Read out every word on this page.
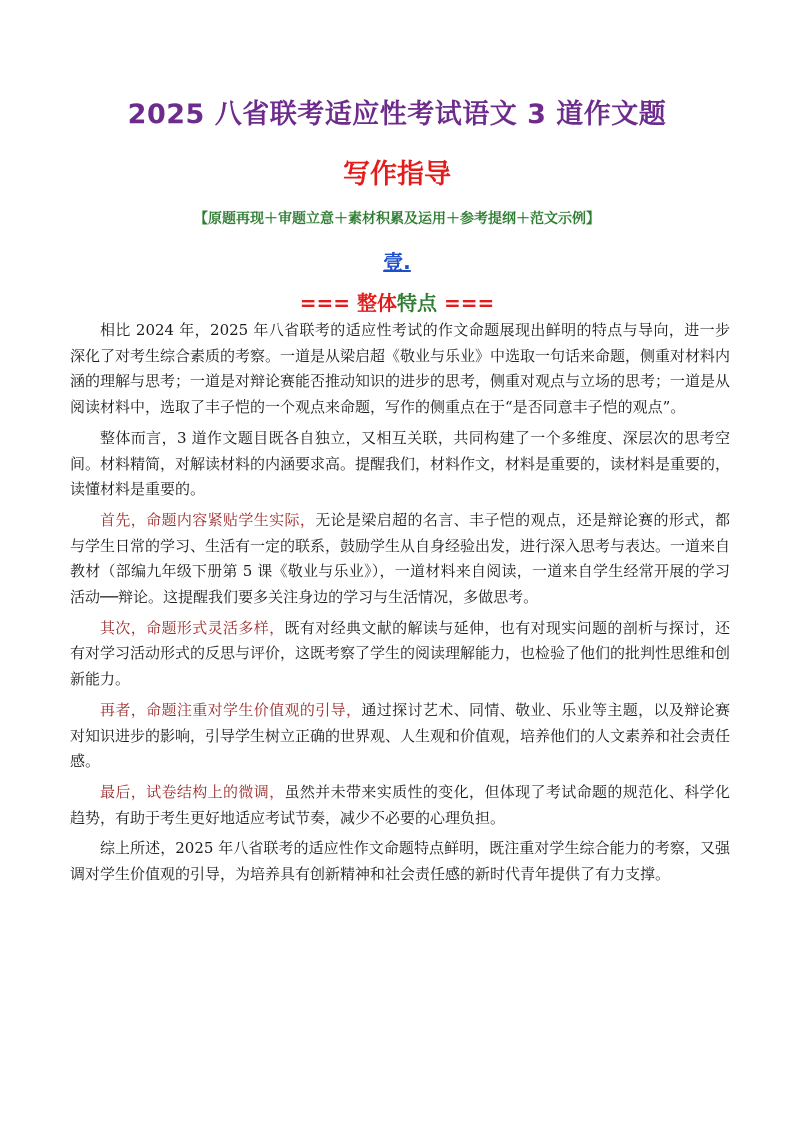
2025 八省联考适应性考试语文 3 道作文题
写作指导
【原题再现＋审题立意＋素材积累及运用＋参考提纲＋范文示例】
壹.
=== 整体特点 ===

相比 2024 年，2025 年八省联考的适应性考试的作文命题展现出鲜明的特点与导向，进一步深化了对考生综合素质的考察。一道是从梁启超《敬业与乐业》中选取一句话来命题，侧重对材料内涵的理解与思考；一道是对辩论赛能否推动知识的进步的思考，侧重对观点与立场的思考；一道是从阅读材料中，选取了丰子恺的一个观点来命题，写作的侧重点在于“是否同意丰子恺的观点”。

整体而言，3 道作文题目既各自独立，又相互关联，共同构建了一个多维度、深层次的思考空间。材料精简，对解读材料的内涵要求高。提醒我们，材料作文，材料是重要的，读材料是重要的，读懂材料是重要的。

首先，命题内容紧贴学生实际，无论是梁启超的名言、丰子恺的观点，还是辩论赛的形式，都与学生日常的学习、生活有一定的联系，鼓励学生从自身经验出发，进行深入思考与表达。一道来自教材（部编九年级下册第 5 课《敬业与乐业》），一道材料来自阅读，一道来自学生经常开展的学习活动──辩论。这提醒我们要多关注身边的学习与生活情况，多做思考。

其次，命题形式灵活多样，既有对经典文献的解读与延伸，也有对现实问题的剖析与探讨，还有对学习活动形式的反思与评价，这既考察了学生的阅读理解能力，也检验了他们的批判性思维和创新能力。

再者，命题注重对学生价值观的引导，通过探讨艺术、同情、敬业、乐业等主题，以及辩论赛对知识进步的影响，引导学生树立正确的世界观、人生观和价值观，培养他们的人文素养和社会责任感。

最后，试卷结构上的微调，虽然并未带来实质性的变化，但体现了考试命题的规范化、科学化趋势，有助于考生更好地适应考试节奏，减少不必要的心理负担。

综上所述，2025 年八省联考的适应性作文命题特点鲜明，既注重对学生综合能力的考察，又强调对学生价值观的引导，为培养具有创新精神和社会责任感的新时代青年提供了有力支撑。
